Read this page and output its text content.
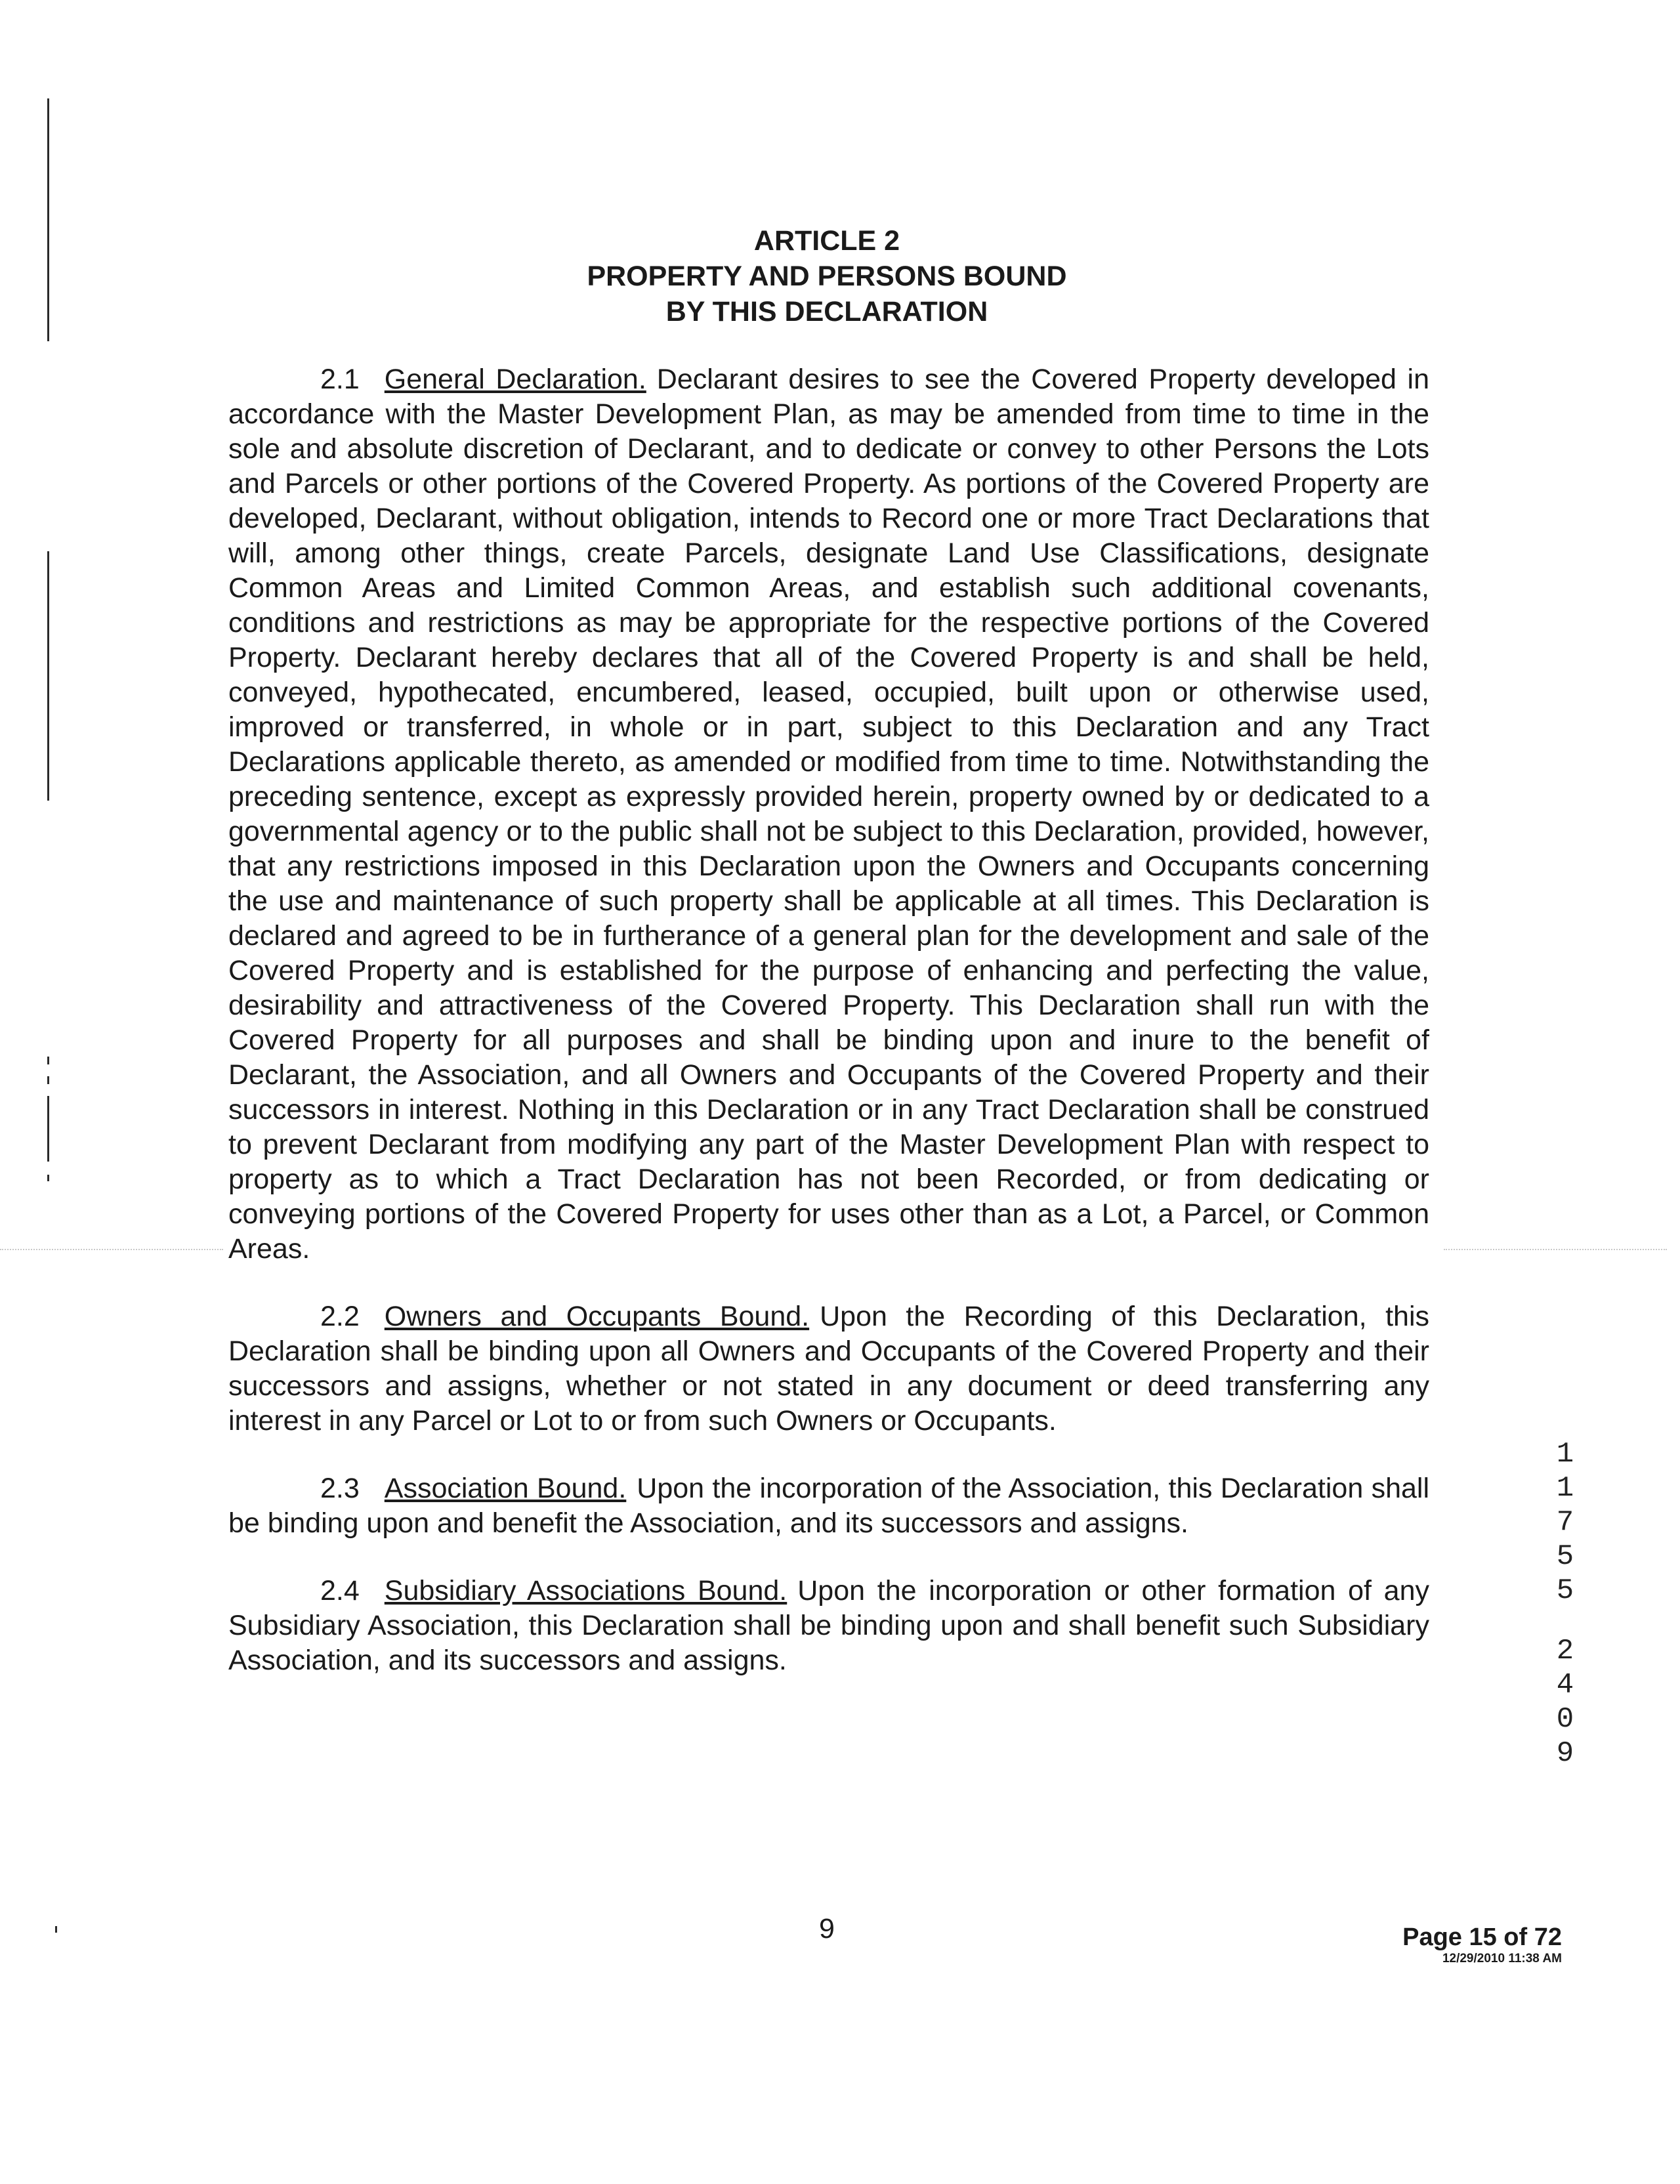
ARTICLE 2
PROPERTY AND PERSONS BOUND
BY THIS DECLARATION

2.1 General Declaration. Declarant desires to see the Covered Property developed in accordance with the Master Development Plan, as may be amended from time to time in the sole and absolute discretion of Declarant, and to dedicate or convey to other Persons the Lots and Parcels or other portions of the Covered Property. As portions of the Covered Property are developed, Declarant, without obligation, intends to Record one or more Tract Declarations that will, among other things, create Parcels, designate Land Use Classifications, designate Common Areas and Limited Common Areas, and establish such additional covenants, conditions and restrictions as may be appropriate for the respective portions of the Covered Property. Declarant hereby declares that all of the Covered Property is and shall be held, conveyed, hypothecated, encumbered, leased, occupied, built upon or otherwise used, improved or transferred, in whole or in part, subject to this Declaration and any Tract Declarations applicable thereto, as amended or modified from time to time. Notwithstanding the preceding sentence, except as expressly provided herein, property owned by or dedicated to a governmental agency or to the public shall not be subject to this Declaration, provided, however, that any restrictions imposed in this Declaration upon the Owners and Occupants concerning the use and maintenance of such property shall be applicable at all times. This Declaration is declared and agreed to be in furtherance of a general plan for the development and sale of the Covered Property and is established for the purpose of enhancing and perfecting the value, desirability and attractiveness of the Covered Property. This Declaration shall run with the Covered Property for all purposes and shall be binding upon and inure to the benefit of Declarant, the Association, and all Owners and Occupants of the Covered Property and their successors in interest. Nothing in this Declaration or in any Tract Declaration shall be construed to prevent Declarant from modifying any part of the Master Development Plan with respect to property as to which a Tract Declaration has not been Recorded, or from dedicating or conveying portions of the Covered Property for uses other than as a Lot, a Parcel, or Common Areas.

2.2 Owners and Occupants Bound. Upon the Recording of this Declaration, this Declaration shall be binding upon all Owners and Occupants of the Covered Property and their successors and assigns, whether or not stated in any document or deed transferring any interest in any Parcel or Lot to or from such Owners or Occupants.

2.3 Association Bound. Upon the incorporation of the Association, this Declaration shall be binding upon and benefit the Association, and its successors and assigns.

2.4 Subsidiary Associations Bound. Upon the incorporation or other formation of any Subsidiary Association, this Declaration shall be binding upon and shall benefit such Subsidiary Association, and its successors and assigns.

1
1
7
5
5
2
4
0
9
9	Page 15 of 72
12/29/2010 11:38 AM
